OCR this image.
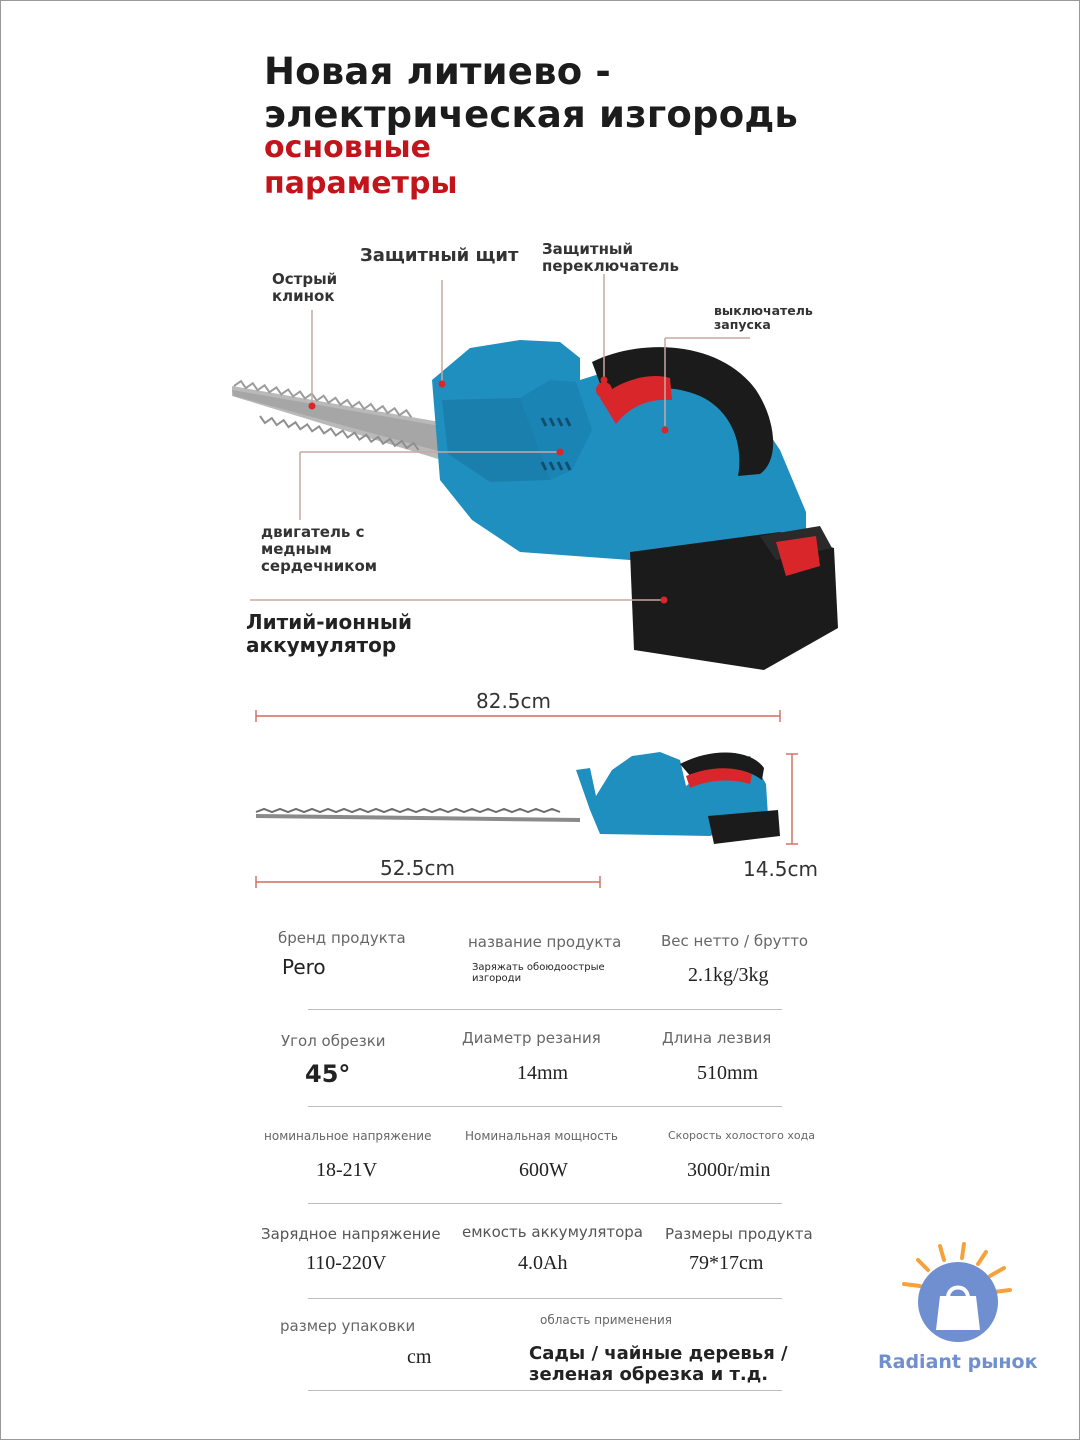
Новая литиево -
электрическая изгородь
основные
параметры
Острый
клинок
Защитный щит Защитный
переключатель
выключатель
запуска
двигатель с
медным
сердечником
Литий-ионный
аккумулятор
82.5cm
52.5cm	14.5cm
бренд продукта
Pero
название продукта
Заряжать обоюдоострые
изгороди
Вес нетто / брутто
2.1kg/3kg
Угол обрезки
45°
Диаметр резания
14mm
Длина лезвия
510mm
номинальное напряжение
18-21V
Номинальная мощность
600W
Скорость холостого хода
3000r/min
Зарядное напряжение
110-220V
емкость аккумулятора
4.0Ah
Размеры продукта
79*17cm
размер упаковки
cm
область применения
Сады / чайные деревья /
зеленая обрезка и т.д.
Radiant рынок
